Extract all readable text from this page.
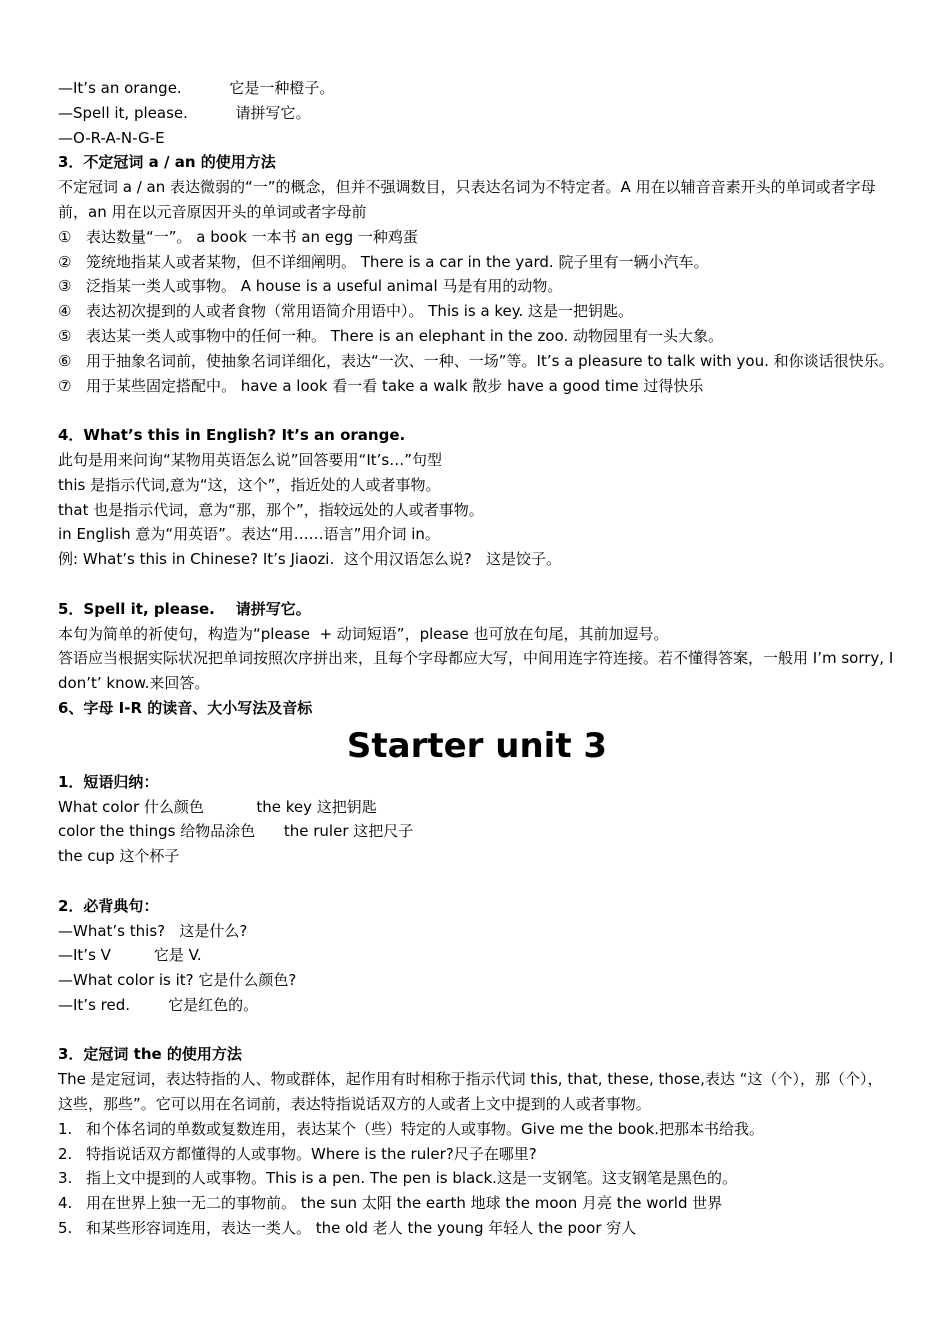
—It’s an orange.          它是一种橙子。
—Spell it, please.          请拼写它。
—O-R-A-N-G-E
3．不定冠词 a / an 的使用方法
不定冠词 a / an 表达微弱的“一”的概念，但并不强调数目，只表达名词为不特定者。A 用在以辅音音素开头的单词或者字母前，an 用在以元音原因开头的单词或者字母前
① 表达数量“一”。 a book 一本书 an egg 一种鸡蛋
② 笼统地指某人或者某物，但不详细阐明。 There is a car in the yard. 院子里有一辆小汽车。
③ 泛指某一类人或事物。 A house is a useful animal 马是有用的动物。
④ 表达初次提到的人或者食物（常用语简介用语中）。 This is a key. 这是一把钥匙。
⑤ 表达某一类人或事物中的任何一种。 There is an elephant in the zoo. 动物园里有一头大象。
⑥ 用于抽象名词前，使抽象名词详细化，表达“一次、一种、一场”等。It’s a pleasure to talk with you. 和你谈话很快乐。
⑦ 用于某些固定搭配中。 have a look 看一看 take a walk 散步 have a good time 过得快乐
4．What’s this in English? It’s an orange.
此句是用来问询“某物用英语怎么说”回答要用“It’s…”句型
this 是指示代词,意为“这，这个”，指近处的人或者事物。
that 也是指示代词，意为“那，那个”，指较远处的人或者事物。
in English 意为“用英语”。表达“用……语言”用介词 in。
例: What’s this in Chinese? It’s Jiaozi.  这个用汉语怎么说?   这是饺子。
5．Spell it, please.    请拼写它。
本句为简单的祈使句，构造为“please  + 动词短语”，please 也可放在句尾，其前加逗号。
答语应当根据实际状况把单词按照次序拼出来，且每个字母都应大写，中间用连字符连接。若不懂得答案，一般用 I’m sorry, I don’t’ know.来回答。
6、字母 I-R 的读音、大小写法及音标
Starter unit 3
1．短语归纳：
What color 什么颜色           the key 这把钥匙
color the things 给物品涂色      the ruler 这把尺子
the cup 这个杯子
2．必背典句：
—What’s this?   这是什么?
—It’s V         它是 V.
—What color is it? 它是什么颜色?
—It’s red.        它是红色的。
3．定冠词 the 的使用方法
The 是定冠词，表达特指的人、物或群体，起作用有时相称于指示代词 this, that, these, those,表达 “这（个），那（个），这些，那些”。它可以用在名词前，表达特指说话双方的人或者上文中提到的人或者事物。
1. 和个体名词的单数或复数连用，表达某个（些）特定的人或事物。Give me the book.把那本书给我。
2. 特指说话双方都懂得的人或事物。Where is the ruler?尺子在哪里?
3. 指上文中提到的人或事物。This is a pen. The pen is black.这是一支钢笔。这支钢笔是黑色的。
4. 用在世界上独一无二的事物前。 the sun 太阳 the earth 地球 the moon 月亮 the world 世界
5. 和某些形容词连用，表达一类人。 the old 老人 the young 年轻人 the poor 穷人
